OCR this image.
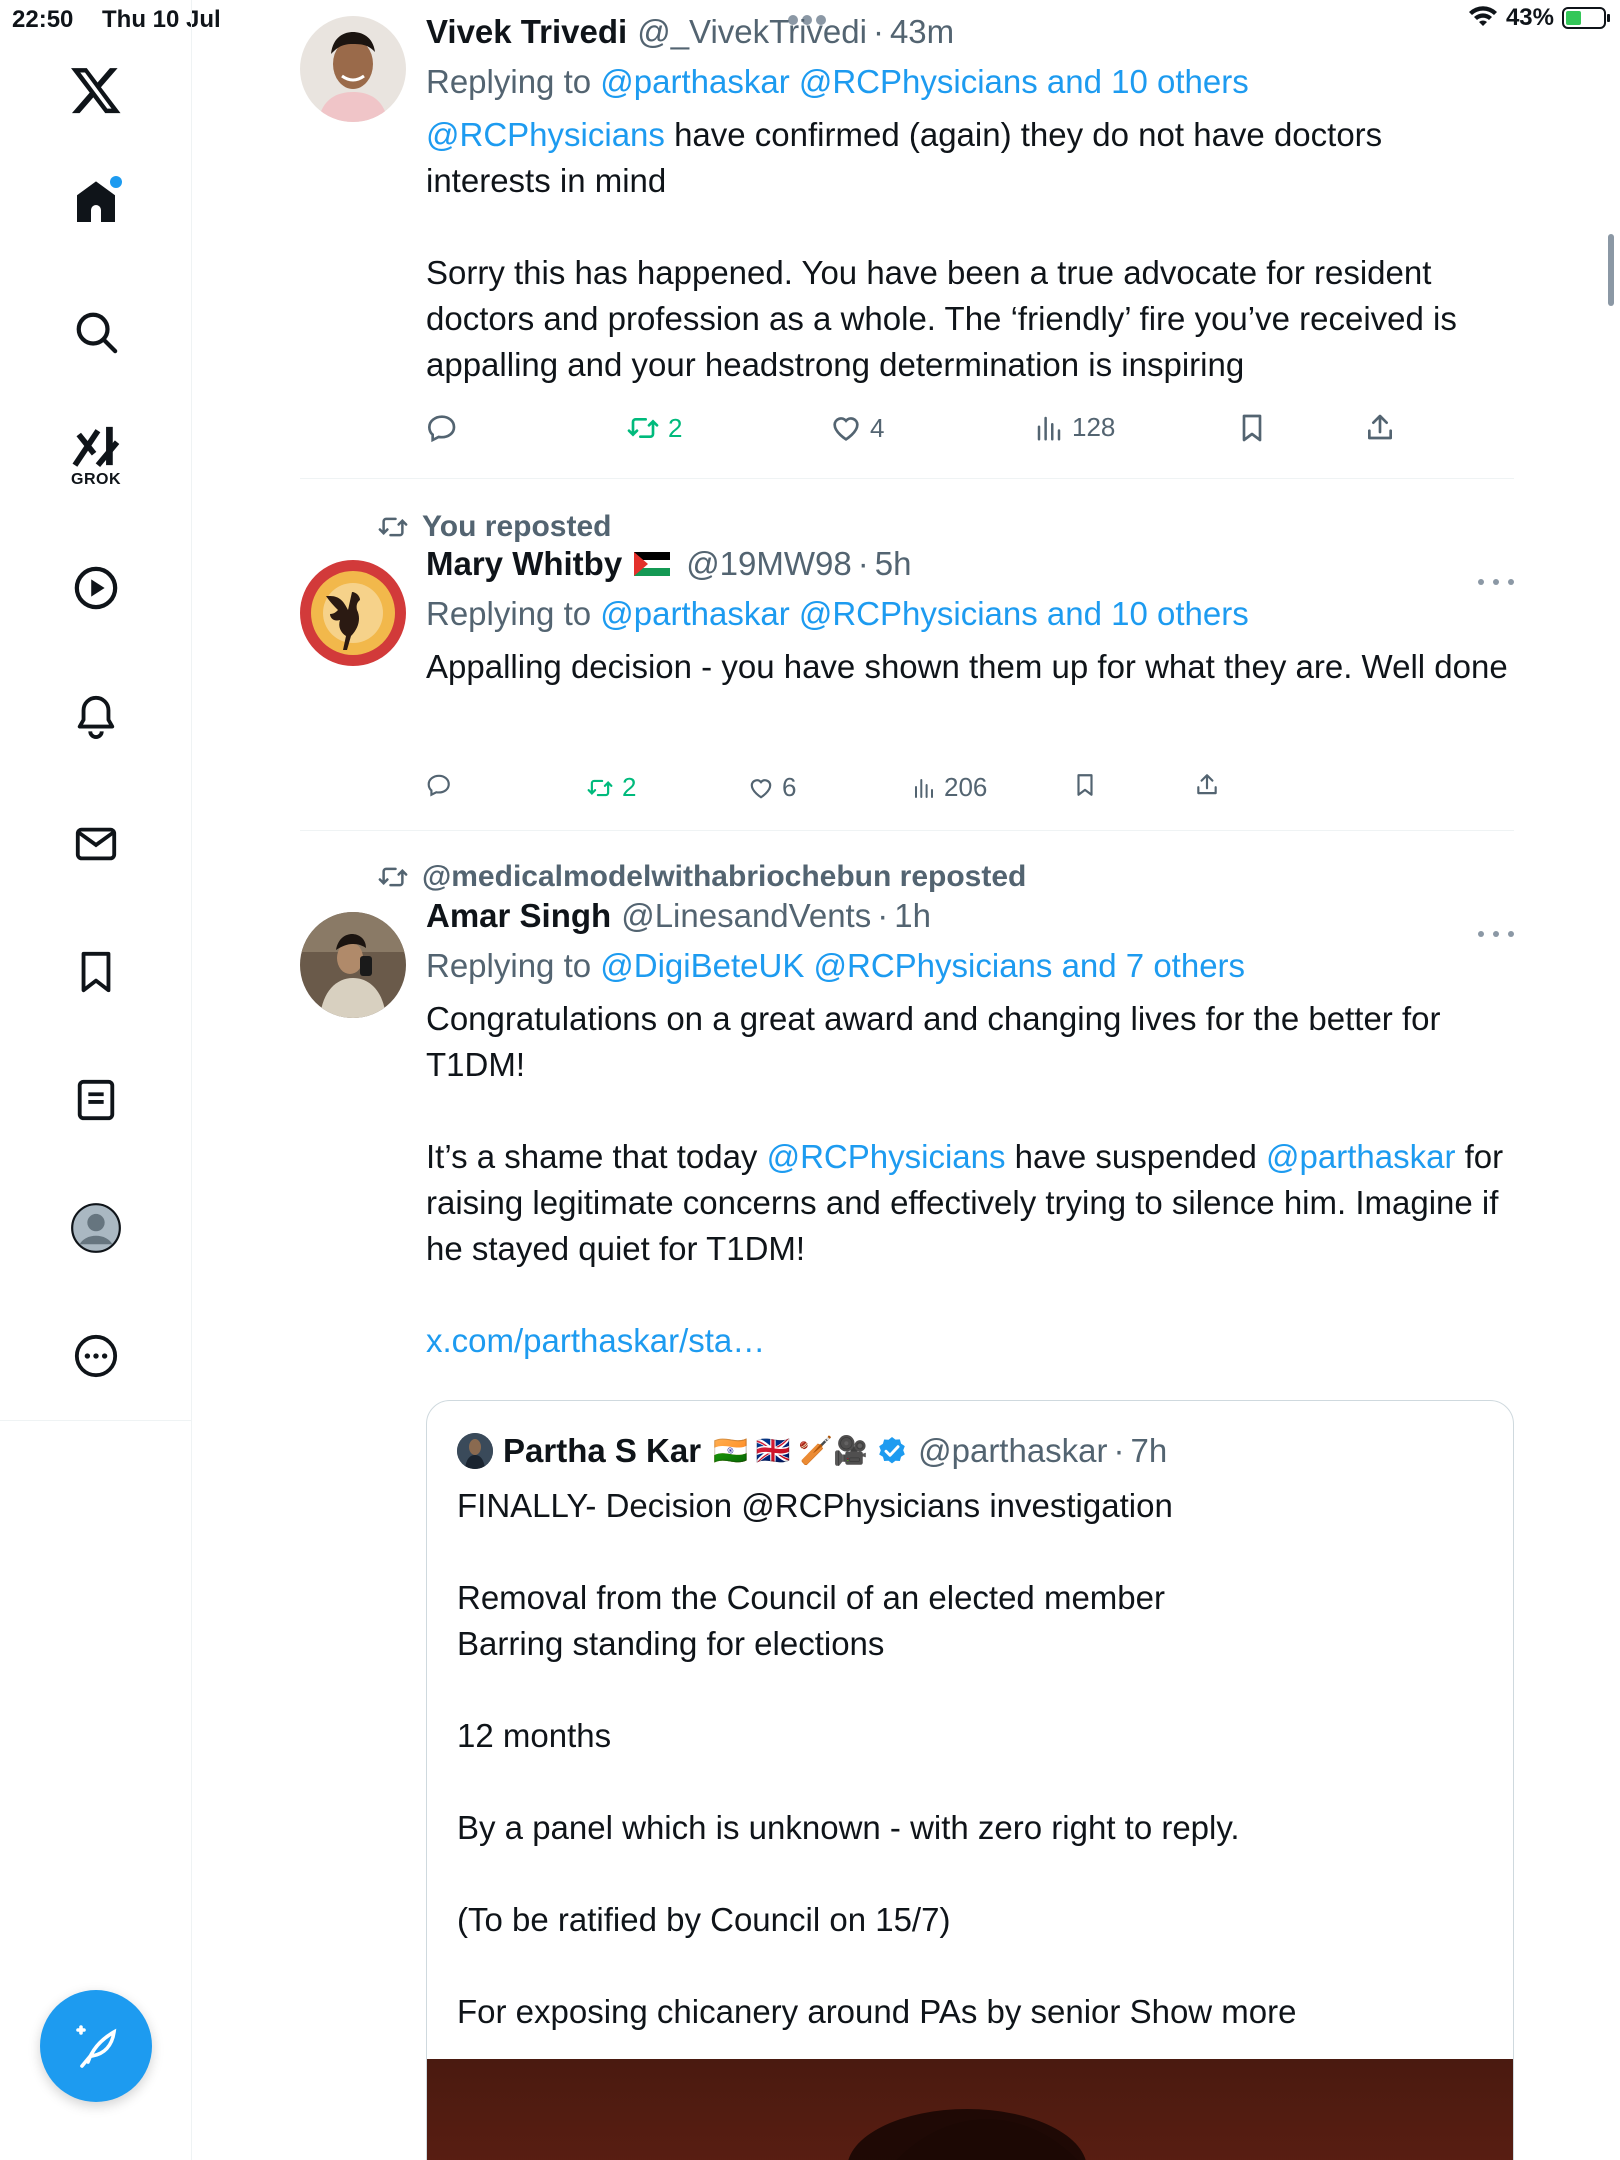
22:50 Thu 10 Jul	43%
GROK
Vivek Trivedi @_VivekTrivedi · 43m
Replying to @parthaskar @RCPhysicians and 10 others
@RCPhysicians have confirmed (again) they do not have doctors interests in mind

Sorry this has happened. You have been a true advocate for resident doctors and profession as a whole. The ‘friendly’ fire you’ve received is appalling and your headstrong determination is inspiring
2	4	128
You reposted
Mary Whitby @19MW98 · 5h
Replying to @parthaskar @RCPhysicians and 10 others
Appalling decision - you have shown them up for what they are. Well done
2	6	206
@medicalmodelwithabriochebun reposted
Amar Singh @LinesandVents · 1h
Replying to @DigiBeteUK @RCPhysicians and 7 others
Congratulations on a great award and changing lives for the better for T1DM!

It’s a shame that today @RCPhysicians have suspended @parthaskar for raising legitimate concerns and effectively trying to silence him. Imagine if he stayed quiet for T1DM!
x.com/parthaskar/sta…
Partha S Kar 🇮🇳 🇬🇧 🏏🎥 @parthaskar · 7h
FINALLY- Decision @RCPhysicians investigation

Removal from the Council of an elected member
Barring standing for elections

12 months

By a panel which is unknown - with zero right to reply.

(To be ratified by Council on 15/7)

For exposing chicanery around PAs by senior Show more
